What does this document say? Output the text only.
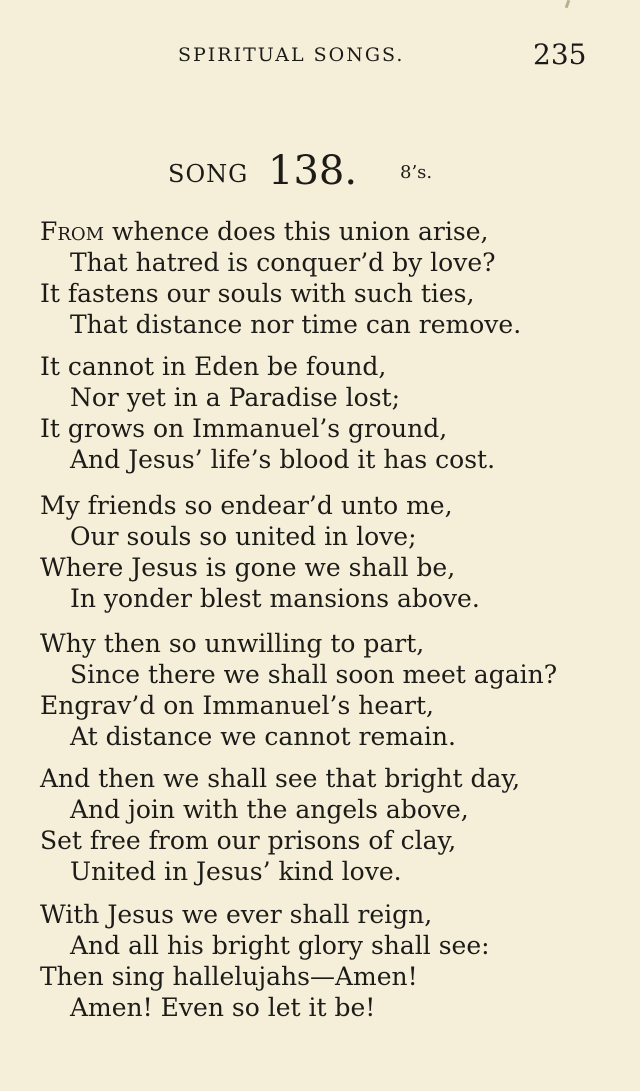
SPIRITUAL SONGS.	235
SONG 138. 8’s.
From whence does this union arise,
That hatred is conquer’d by love?
It fastens our souls with such ties,
That distance nor time can remove.
It cannot in Eden be found,
Nor yet in a Paradise lost;
It grows on Immanuel’s ground,
And Jesus’ life’s blood it has cost.
My friends so endear’d unto me,
Our souls so united in love;
Where Jesus is gone we shall be,
In yonder blest mansions above.
Why then so unwilling to part,
Since there we shall soon meet again?
Engrav’d on Immanuel’s heart,
At distance we cannot remain.
And then we shall see that bright day,
And join with the angels above,
Set free from our prisons of clay,
United in Jesus’ kind love.
With Jesus we ever shall reign,
And all his bright glory shall see:
Then sing hallelujahs—Amen!
Amen! Even so let it be!
